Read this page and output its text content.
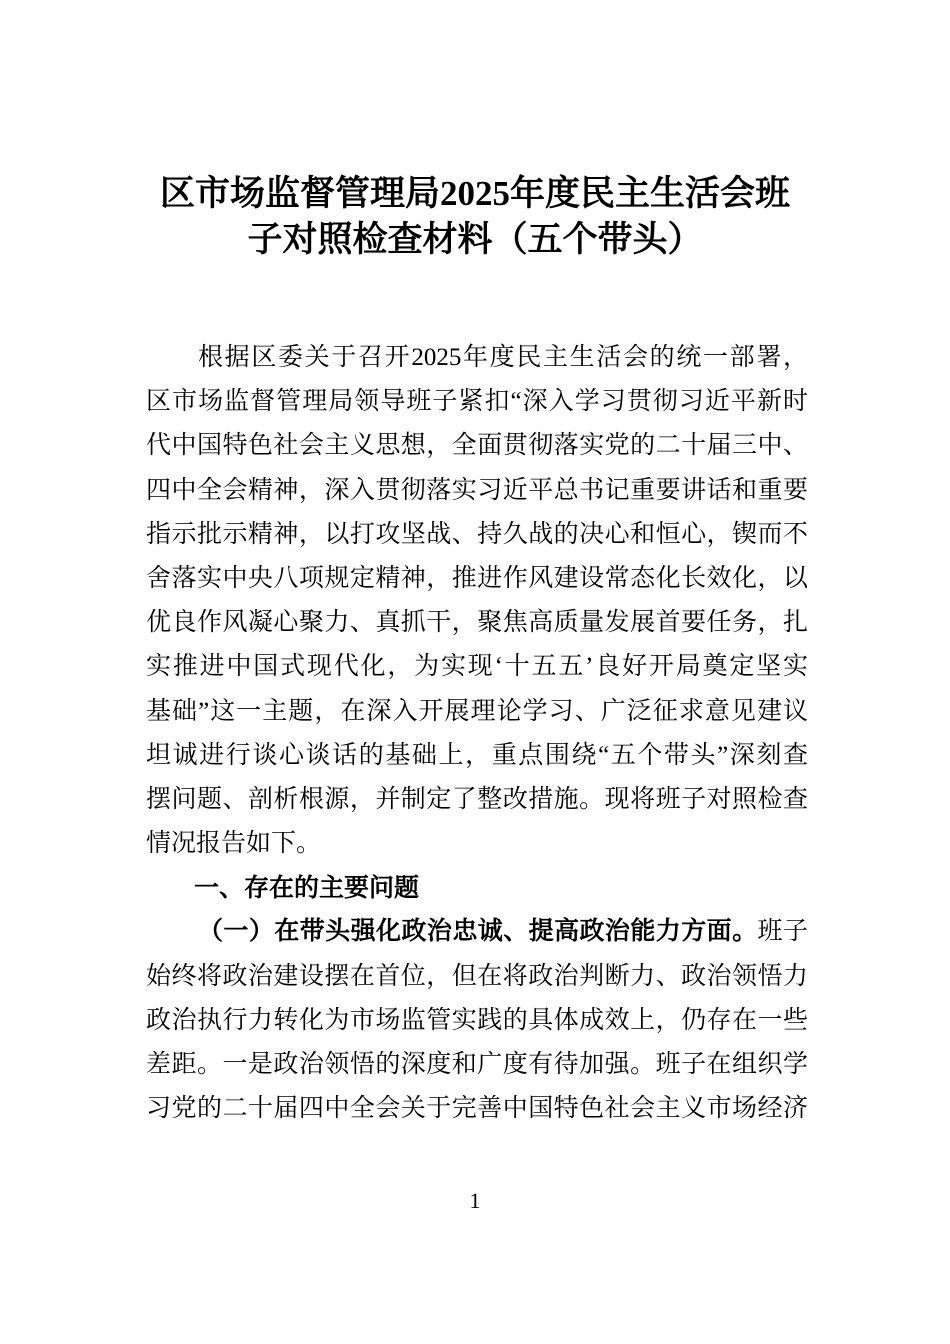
区市场监督管理局2025年度民主生活会班
子对照检查材料（五个带头）
根据区委关于召开2025年度民主生活会的统一部署，
区市场监督管理局领导班子紧扣“深入学习贯彻习近平新时
代中国特色社会主义思想，全面贯彻落实党的二十届三中、
四中全会精神，深入贯彻落实习近平总书记重要讲话和重要
指示批示精神，以打攻坚战、持久战的决心和恒心，锲而不
舍落实中央八项规定精神，推进作风建设常态化长效化，以
优良作风凝心聚力、真抓干，聚焦高质量发展首要任务，扎
实推进中国式现代化，为实现‘十五五’良好开局奠定坚实
基础”这一主题，在深入开展理论学习、广泛征求意见建议
坦诚进行谈心谈话的基础上，重点围绕“五个带头”深刻查
摆问题、剖析根源，并制定了整改措施。现将班子对照检查
情况报告如下。
一、存在的主要问题
（一）在带头强化政治忠诚、提高政治能力方面。班子
始终将政治建设摆在首位，但在将政治判断力、政治领悟力
政治执行力转化为市场监管实践的具体成效上，仍存在一些
差距。一是政治领悟的深度和广度有待加强。班子在组织学
习党的二十届四中全会关于完善中国特色社会主义市场经济
1
